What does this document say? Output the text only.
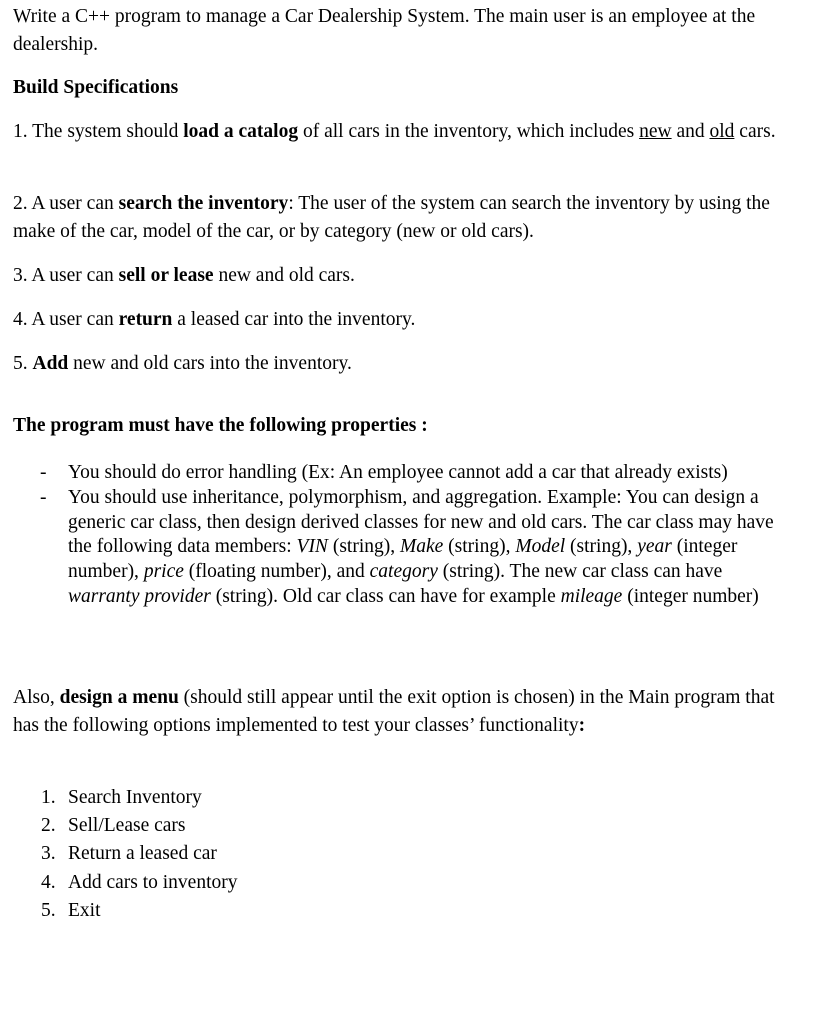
Write a C++ program to manage a Car Dealership System. The main user is an employee at the dealership.

Build Specifications

1. The system should load a catalog of all cars in the inventory, which includes new and old cars.

2. A user can search the inventory: The user of the system can search the inventory by using the make of the car, model of the car, or by category (new or old cars).

3. A user can sell or lease new and old cars.

4. A user can return a leased car into the inventory.

5. Add new and old cars into the inventory.

The program must have the following properties :

- You should do error handling (Ex: An employee cannot add a car that already exists)
- You should use inheritance, polymorphism, and aggregation. Example: You can design a generic car class, then design derived classes for new and old cars. The car class may have the following data members: VIN (string), Make (string), Model (string), year (integer number), price (floating number), and category (string). The new car class can have warranty provider (string). Old car class can have for example mileage (integer number)

Also, design a menu (should still appear until the exit option is chosen) in the Main program that has the following options implemented to test your classes’ functionality:

1. Search Inventory
2. Sell/Lease cars
3. Return a leased car
4. Add cars to inventory
5. Exit
